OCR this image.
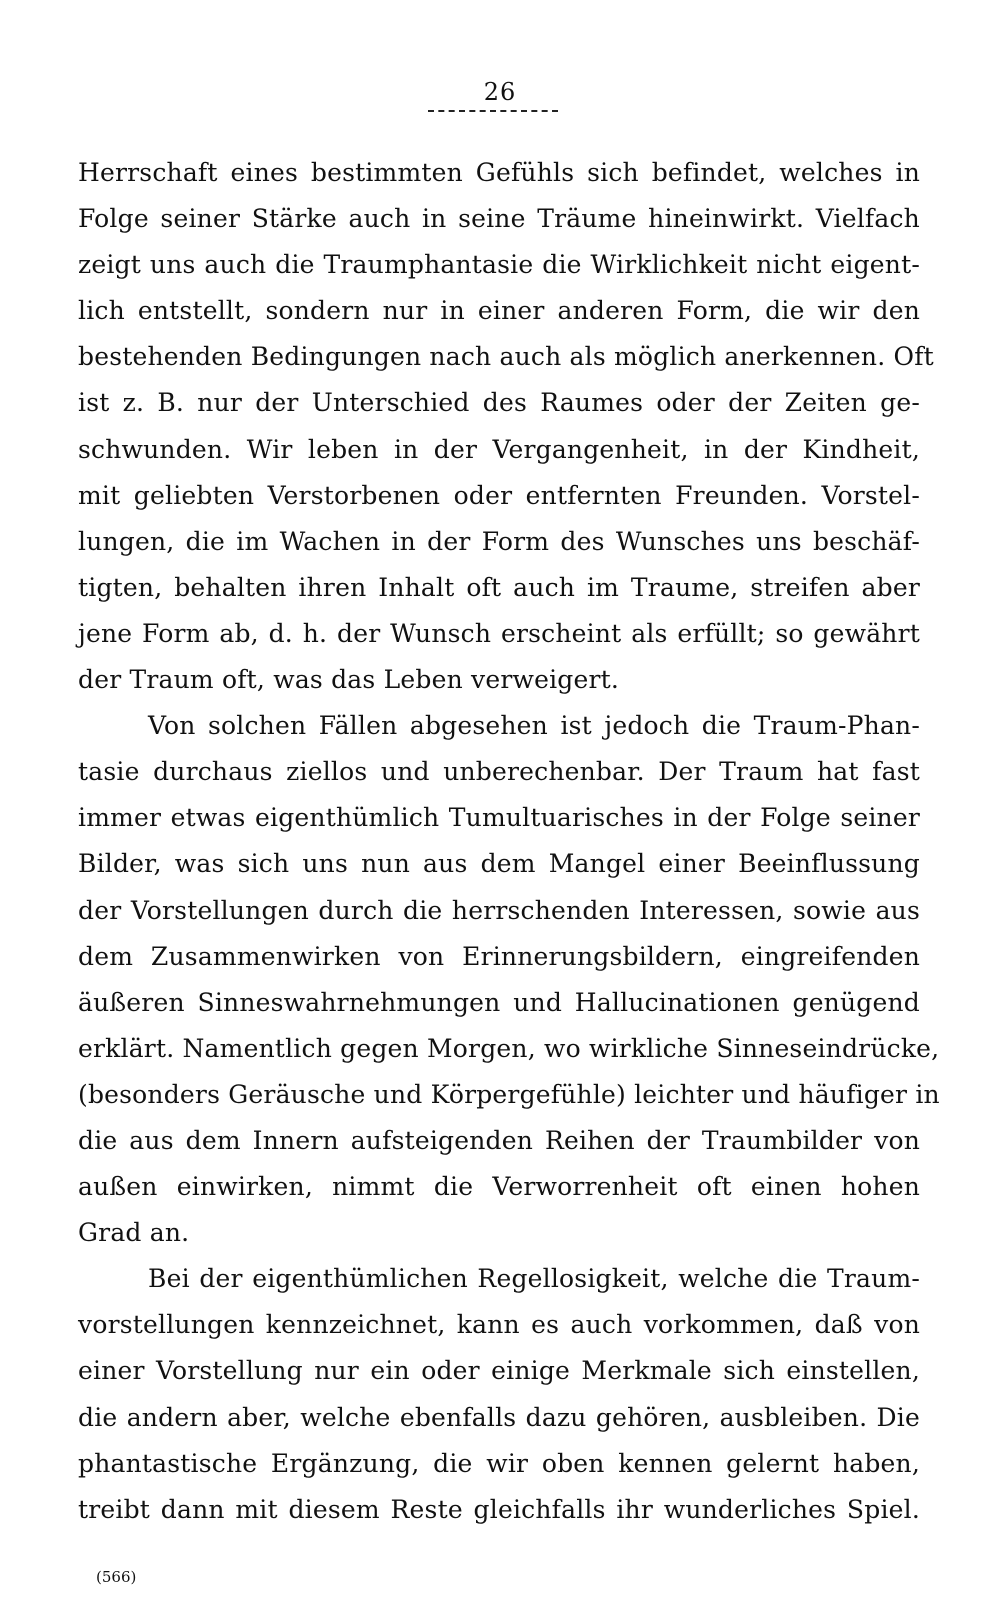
26
Herrschaft eines bestimmten Gefühls sich befindet, welches in
Folge seiner Stärke auch in seine Träume hineinwirkt. Vielfach
zeigt uns auch die Traumphantasie die Wirklichkeit nicht eigent-
lich entstellt, sondern nur in einer anderen Form, die wir den
bestehenden Bedingungen nach auch als möglich anerkennen. Oft
ist z. B. nur der Unterschied des Raumes oder der Zeiten ge-
schwunden. Wir leben in der Vergangenheit, in der Kindheit,
mit geliebten Verstorbenen oder entfernten Freunden. Vorstel-
lungen, die im Wachen in der Form des Wunsches uns beschäf-
tigten, behalten ihren Inhalt oft auch im Traume, streifen aber
jene Form ab, d. h. der Wunsch erscheint als erfüllt; so gewährt
der Traum oft, was das Leben verweigert.
Von solchen Fällen abgesehen ist jedoch die Traum-Phan-
tasie durchaus ziellos und unberechenbar. Der Traum hat fast
immer etwas eigenthümlich Tumultuarisches in der Folge seiner
Bilder, was sich uns nun aus dem Mangel einer Beeinflussung
der Vorstellungen durch die herrschenden Interessen, sowie aus
dem Zusammenwirken von Erinnerungsbildern, eingreifenden
äußeren Sinneswahrnehmungen und Hallucinationen genügend
erklärt. Namentlich gegen Morgen, wo wirkliche Sinneseindrücke,
(besonders Geräusche und Körpergefühle) leichter und häufiger in
die aus dem Innern aufsteigenden Reihen der Traumbilder von
außen einwirken, nimmt die Verworrenheit oft einen hohen
Grad an.
Bei der eigenthümlichen Regellosigkeit, welche die Traum-
vorstellungen kennzeichnet, kann es auch vorkommen, daß von
einer Vorstellung nur ein oder einige Merkmale sich einstellen,
die andern aber, welche ebenfalls dazu gehören, ausbleiben. Die
phantastische Ergänzung, die wir oben kennen gelernt haben,
treibt dann mit diesem Reste gleichfalls ihr wunderliches Spiel.
(566)
